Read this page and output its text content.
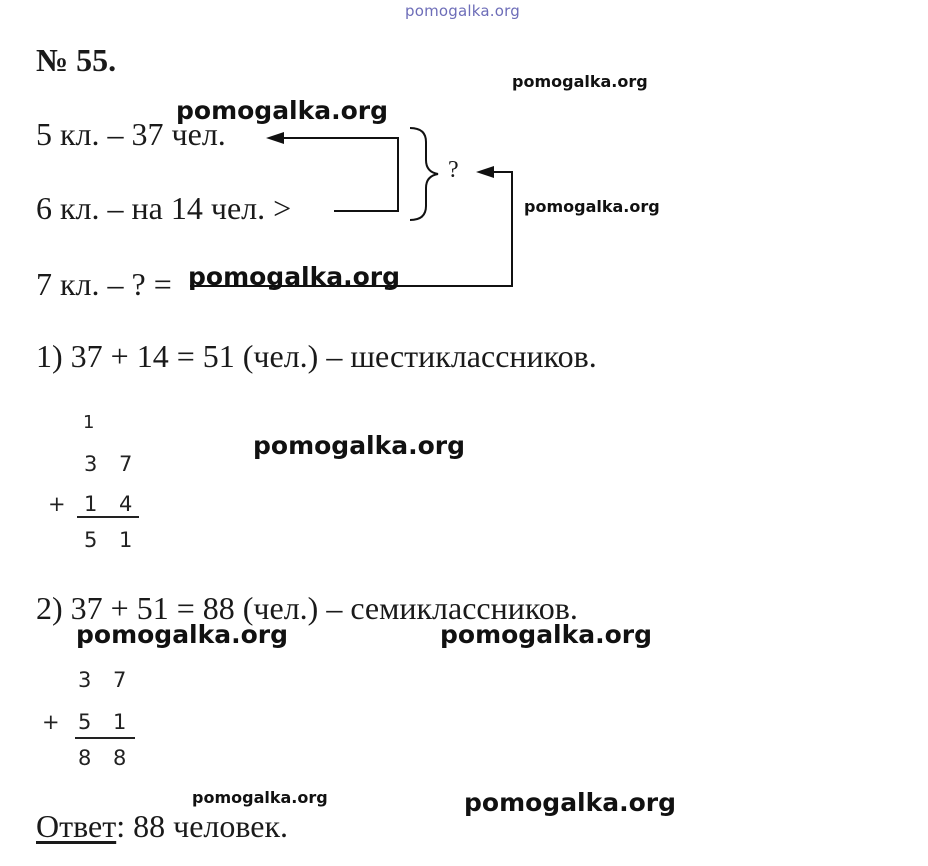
pomogalka.org
№ 55.
5 кл. – 37 чел.
6 кл. – на 14 чел. >
7 кл. – ? =
?
1) 37 + 14 = 51 (чел.) – шестиклассников.
1
3 7
+ 1 4
5 1
2) 37 + 51 = 88 (чел.) – семиклассников.
3 7
+ 5 1
8 8
Ответ: 88 человек.
pomogalka.org
pomogalka.org
pomogalka.org
pomogalka.org
pomogalka.org
pomogalka.org	pomogalka.org
pomogalka.org	pomogalka.org
